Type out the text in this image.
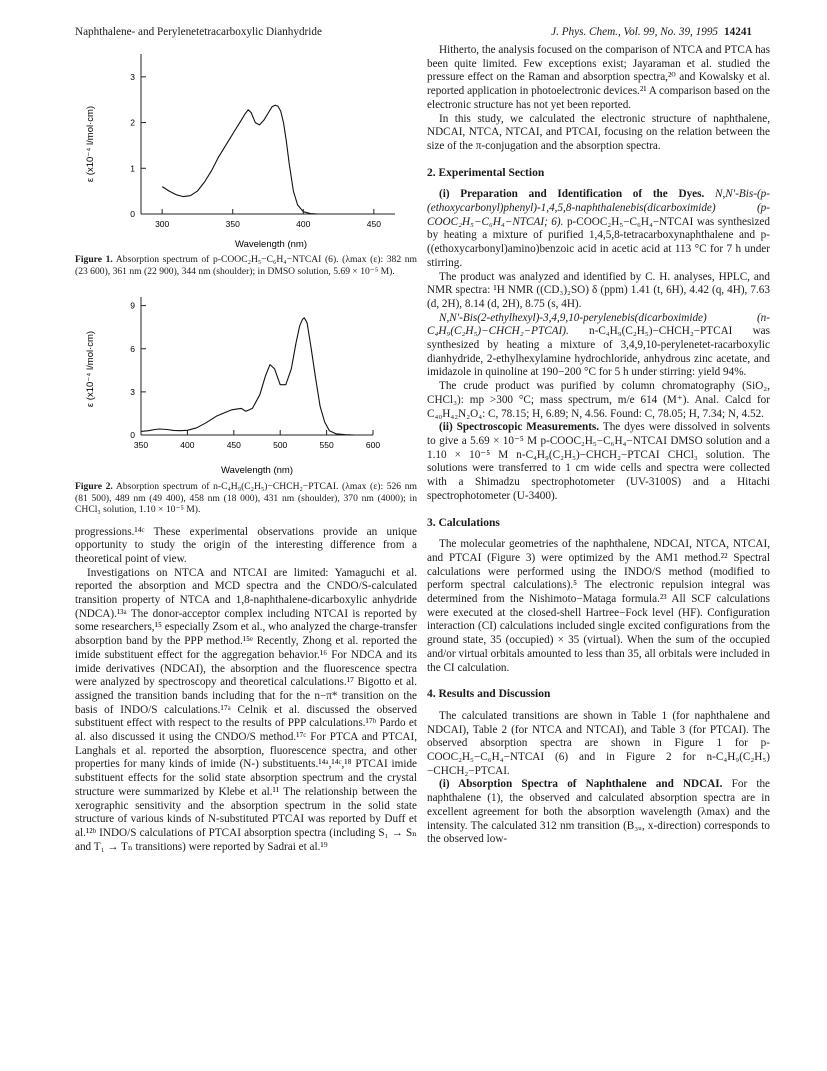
Naphthalene- and Perylenetetracarboxylic Dianhydride	J. Phys. Chem., Vol. 99, No. 39, 1995 14241
0
1
2
3
300	350	400	450
ε (x10⁻⁴ l/mol·cm)
Wavelength (nm)

Figure 1. Absorption spectrum of p-COOC₂H₅−C₆H₄−NTCAI (6). (λmax (ε): 382 nm (23 600), 361 nm (22 900), 344 nm (shoulder); in DMSO solution, 5.69 × 10⁻⁵ M).

0
3
6
9
350	400	450	500	550	600
ε (x10⁻⁴ l/mol·cm)
Wavelength (nm)

Figure 2. Absorption spectrum of n-C₄H₉(C₂H₅)−CHCH₂−PTCAI. (λmax (ε): 526 nm (81 500), 489 nm (49 400), 458 nm (18 000), 431 nm (shoulder), 370 nm (4000); in CHCl₃ solution, 1.10 × 10⁻⁵ M).

progressions.¹⁴ᶜ These experimental observations provide an unique opportunity to study the origin of the interesting difference from a theoretical point of view.

Investigations on NTCA and NTCAI are limited: Yamaguchi et al. reported the absorption and MCD spectra and the CNDO/S-calculated transition property of NTCA and 1,8-naphthalene-dicarboxylic anhydride (NDCA).¹³ᵃ The donor-acceptor complex including NTCAI is reported by some researchers,¹⁵ especially Zsom et al., who analyzed the charge-transfer absorption band by the PPP method.¹⁵ᵉ Recently, Zhong et al. reported the imide substituent effect for the aggregation behavior.¹⁶ For NDCA and its imide derivatives (NDCAI), the absorption and the fluorescence spectra were analyzed by spectroscopy and theoretical calculations.¹⁷ Bigotto et al. assigned the transition bands including that for the n−π* transition on the basis of INDO/S calculations.¹⁷ᵃ Celnik et al. discussed the observed substituent effect with respect to the results of PPP calculations.¹⁷ᵇ Pardo et al. also discussed it using the CNDO/S method.¹⁷ᶜ For PTCA and PTCAI, Langhals et al. reported the absorption, fluorescence spectra, and other properties for many kinds of imide (N-) substituents.¹⁴ᵃ,¹⁴ᶜ,¹⁸ PTCAI imide substituent effects for the solid state absorption spectrum and the crystal structure were summarized by Klebe et al.¹¹ The relationship between the xerographic sensitivity and the absorption spectrum in the solid state structure of various kinds of N-substituted PTCAI was reported by Duff et al.¹²ᵇ INDO/S calculations of PTCAI absorption spectra (including S₁ → Sₙ and T₁ → Tₙ transitions) were reported by Sadrai et al.¹⁹

Hitherto, the analysis focused on the comparison of NTCA and PTCA has been quite limited. Few exceptions exist; Jayaraman et al. studied the pressure effect on the Raman and absorption spectra,²⁰ and Kowalsky et al. reported application in photoelectronic devices.²¹ A comparison based on the electronic structure has not yet been reported.

In this study, we calculated the electronic structure of naphthalene, NDCAI, NTCA, NTCAI, and PTCAI, focusing on the relation between the size of the π-conjugation and the absorption spectra.

2. Experimental Section

(i) Preparation and Identification of the Dyes. N,N′-Bis-(p-(ethoxycarbonyl)phenyl)-1,4,5,8-naphthalenebis(dicarboximide) (p-COOC₂H₅−C₆H₄−NTCAI; 6). p-COOC₂H₅−C₆H₄−NTCAI was synthesized by heating a mixture of purified 1,4,5,8-tetracarboxynaphthalene and p-((ethoxycarbonyl)amino)benzoic acid in acetic acid at 113 °C for 7 h under stirring.

The product was analyzed and identified by C. H. analyses, HPLC, and NMR spectra: ¹H NMR ((CD₃)₂SO) δ (ppm) 1.41 (t, 6H), 4.42 (q, 4H), 7.63 (d, 2H), 8.14 (d, 2H), 8.75 (s, 4H).

N,N′-Bis(2-ethylhexyl)-3,4,9,10-perylenebis(dicarboximide) (n-C₄H₉(C₂H₅)−CHCH₂−PTCAI). n-C₄H₉(C₂H₅)−CHCH₂−PTCAI was synthesized by heating a mixture of 3,4,9,10-perylenetet-racarboxylic dianhydride, 2-ethylhexylamine hydrochloride, anhydrous zinc acetate, and imidazole in quinoline at 190−200 °C for 5 h under stirring: yield 94%.

The crude product was purified by column chromatography (SiO₂, CHCl₃): mp >300 °C; mass spectrum, m/e 614 (M⁺). Anal. Calcd for C₄₀H₄₂N₂O₄: C, 78.15; H, 6.89; N, 4.56. Found: C, 78.05; H, 7.34; N, 4.52.

(ii) Spectroscopic Measurements. The dyes were dissolved in solvents to give a 5.69 × 10⁻⁵ M p-COOC₂H₅−C₆H₄−NTCAI DMSO solution and a 1.10 × 10⁻⁵ M n-C₄H₉(C₂H₅)−CHCH₂−PTCAI CHCl₃ solution. The solutions were transferred to 1 cm wide cells and spectra were collected with a Shimadzu spectrophotometer (UV-3100S) and a Hitachi spectrophotometer (U-3400).

3. Calculations

The molecular geometries of the naphthalene, NDCAI, NTCA, NTCAI, and PTCAI (Figure 3) were optimized by the AM1 method.²² Spectral calculations were performed using the INDO/S method (modified to perform spectral calculations).⁵ The electronic repulsion integral was determined from the Nishimoto−Mataga formula.²³ All SCF calculations were executed at the closed-shell Hartree−Fock level (HF). Configuration interaction (CI) calculations included single excited configurations from the ground state, 35 (occupied) × 35 (virtual). When the sum of the occupied and/or virtual orbitals amounted to less than 35, all orbitals were included in the CI calculation.

4. Results and Discussion

The calculated transitions are shown in Table 1 (for naphthalene and NDCAI), Table 2 (for NTCA and NTCAI), and Table 3 (for PTCAI). The observed absorption spectra are shown in Figure 1 for p-COOC₂H₅−C₆H₄−NTCAI (6) and in Figure 2 for n-C₄H₉(C₂H₅)−CHCH₂−PTCAI.

(i) Absorption Spectra of Naphthalene and NDCAI. For the naphthalene (1), the observed and calculated absorption spectra are in excellent agreement for both the absorption wavelength (λmax) and the intensity. The calculated 312 nm transition (B₃ᵤ, x-direction) corresponds to the observed low-
